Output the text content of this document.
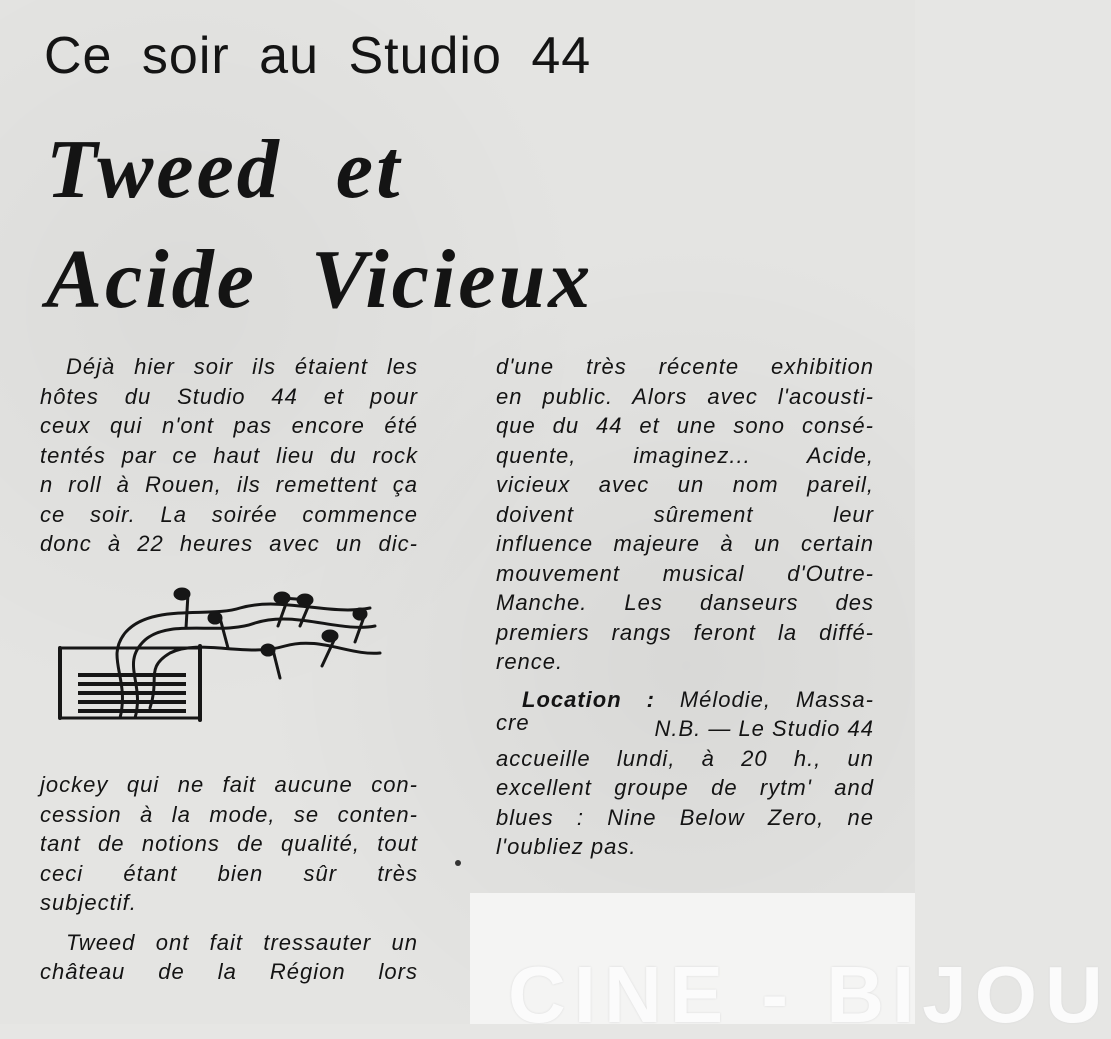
Ce soir au Studio 44
Tweed et
Acide Vicieux
Déjà hier soir ils étaient les
hôtes du Studio 44 et pour
ceux qui n'ont pas encore été
tentés par ce haut lieu du rock
n roll à Rouen, ils remettent ça
ce soir. La soirée commence
donc à 22 heures avec un dic-
jockey qui ne fait aucune con-
cession à la mode, se conten-
tant de notions de qualité, tout
ceci étant bien sûr très
subjectif.
Tweed ont fait tressauter un
château de la Région lors
d'une très récente exhibition
en public. Alors avec l'acousti-
que du 44 et une sono consé-
quente, imaginez... Acide,
vicieux avec un nom pareil,
doivent sûrement leur
influence majeure à un certain
mouvement musical d'Outre-
Manche. Les danseurs des
premiers rangs feront la diffé-
rence.
Location : Mélodie, Massa-
cre	N.B. — Le Studio 44
accueille lundi, à 20 h., un
excellent groupe de rytm' and
blues : Nine Below Zero, ne
l'oubliez pas.
CINE - BIJOU
